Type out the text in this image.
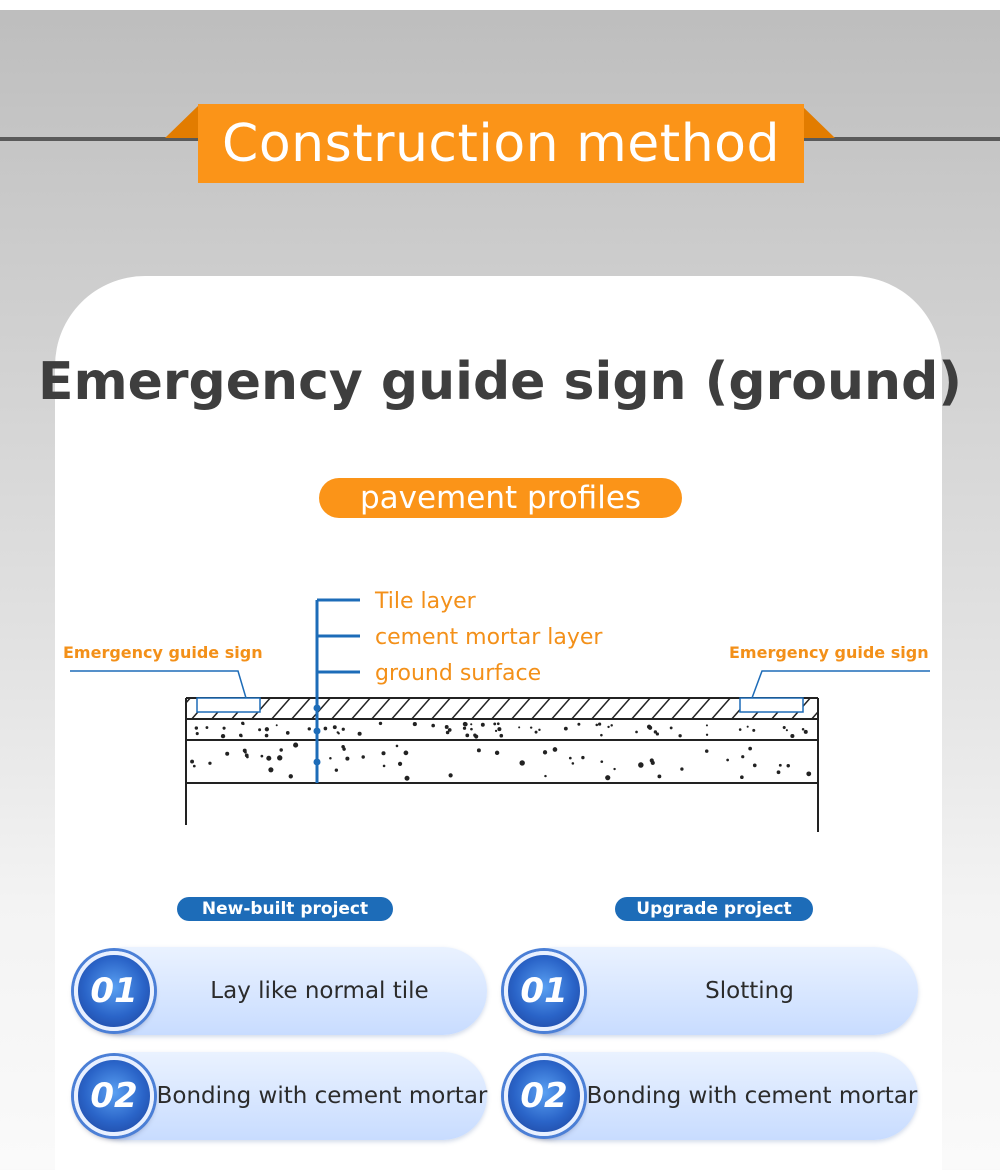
Construction method
Emergency guide sign (ground)
pavement profiles
Tile layer
cement mortar layer
ground surface
Emergency guide sign	Emergency guide sign
New-built project	Upgrade project
Lay like normal tile
01
Bonding with cement mortar
02
Slotting
01
Bonding with cement mortar
02
